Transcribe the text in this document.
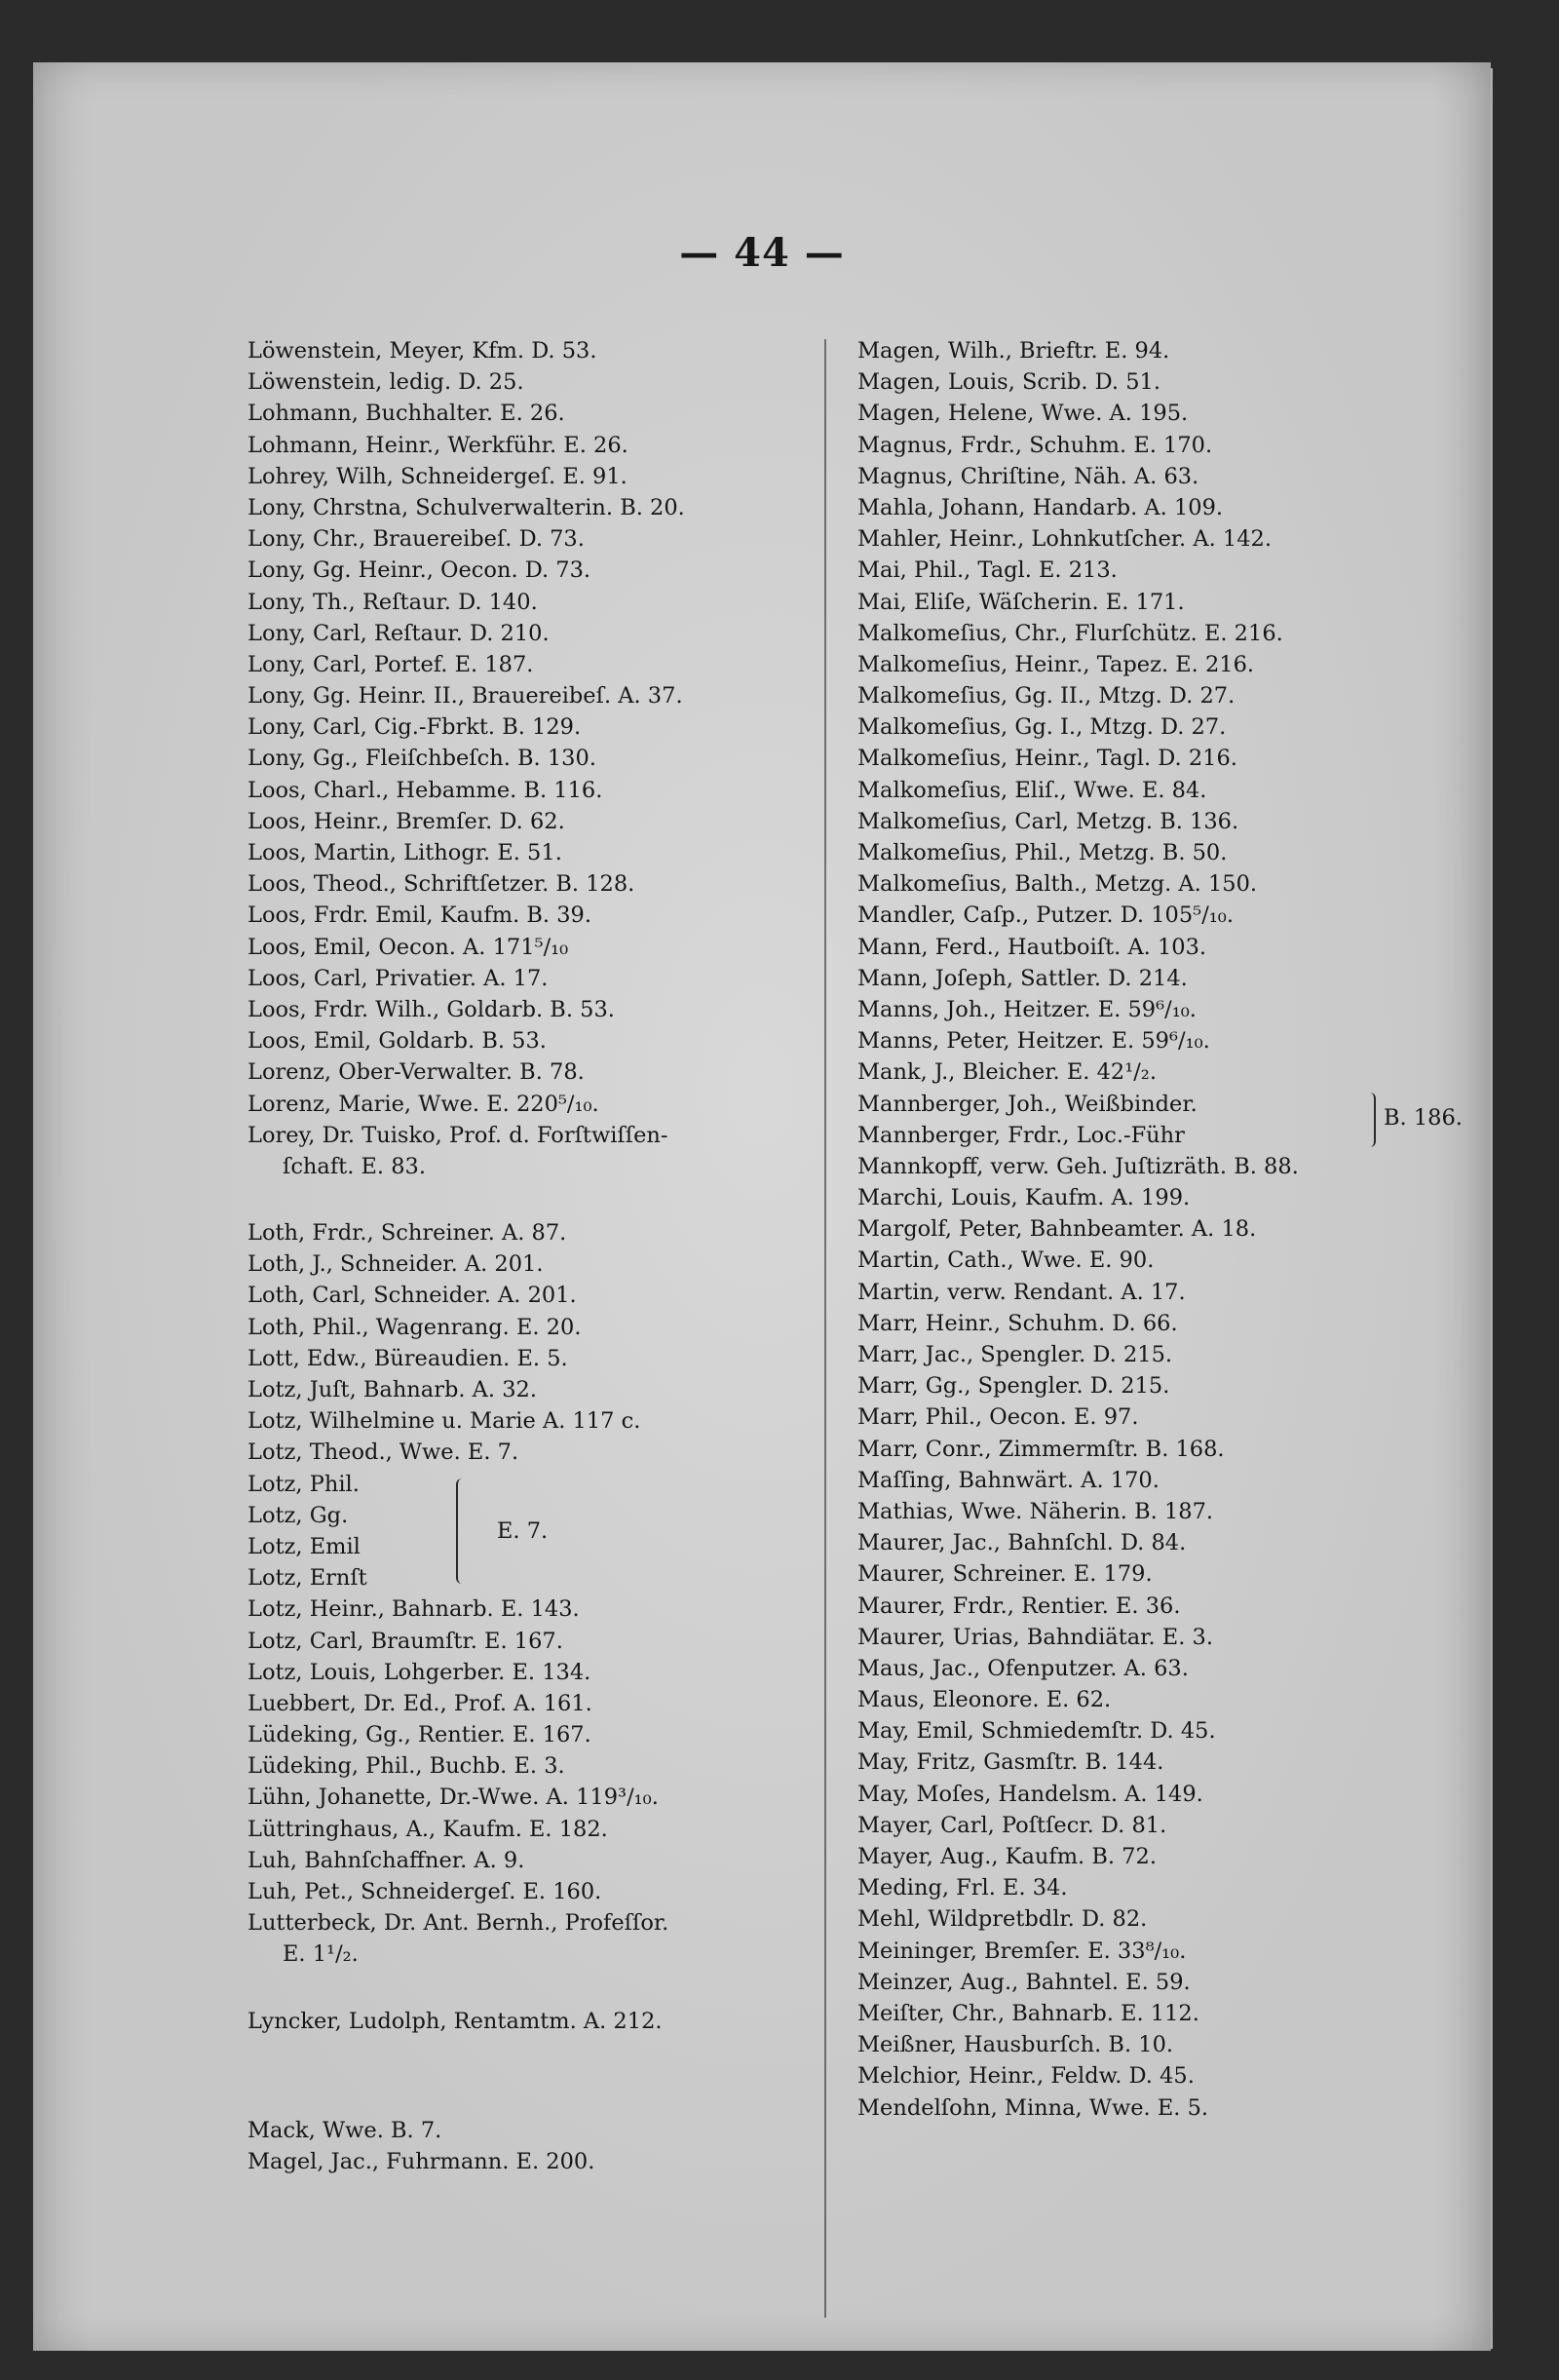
— 44 —
Löwenstein, Meyer, Kfm. D. 53.
Löwenstein, ledig. D. 25.
Lohmann, Buchhalter. E. 26.
Lohmann, Heinr., Werkführ. E. 26.
Lohrey, Wilh, Schneidergeſ. E. 91.
Lony, Chrstna, Schulverwalterin. B. 20.
Lony, Chr., Brauereibeſ. D. 73.
Lony, Gg. Heinr., Oecon. D. 73.
Lony, Th., Reſtaur. D. 140.
Lony, Carl, Reſtaur. D. 210.
Lony, Carl, Portef. E. 187.
Lony, Gg. Heinr. II., Brauereibeſ. A. 37.
Lony, Carl, Cig.-Fbrkt. B. 129.
Lony, Gg., Fleiſchbeſch. B. 130.
Loos, Charl., Hebamme. B. 116.
Loos, Heinr., Bremſer. D. 62.
Loos, Martin, Lithogr. E. 51.
Loos, Theod., Schriftſetzer. B. 128.
Loos, Frdr. Emil, Kaufm. B. 39.
Loos, Emil, Oecon. A. 171⁵/₁₀
Loos, Carl, Privatier. A. 17.
Loos, Frdr. Wilh., Goldarb. B. 53.
Loos, Emil, Goldarb. B. 53.
Lorenz, Ober-Verwalter. B. 78.
Lorenz, Marie, Wwe. E. 220⁵/₁₀.
Lorey, Dr. Tuisko, Prof. d. Forſtwiſſen-
ſchaft. E. 83.
Loth, Frdr., Schreiner. A. 87.
Loth, J., Schneider. A. 201.
Loth, Carl, Schneider. A. 201.
Loth, Phil., Wagenrang. E. 20.
Lott, Edw., Büreaudien. E. 5.
Lotz, Juſt, Bahnarb. A. 32.
Lotz, Wilhelmine u. Marie A. 117 c.
Lotz, Theod., Wwe. E. 7.
Lotz, Phil.
Lotz, Gg.
Lotz, Emil
Lotz, Ernſt
E. 7.
Lotz, Heinr., Bahnarb. E. 143.
Lotz, Carl, Braumſtr. E. 167.
Lotz, Louis, Lohgerber. E. 134.
Luebbert, Dr. Ed., Prof. A. 161.
Lüdeking, Gg., Rentier. E. 167.
Lüdeking, Phil., Buchb. E. 3.
Lühn, Johanette, Dr.-Wwe. A. 119³/₁₀.
Lüttringhaus, A., Kaufm. E. 182.
Luh, Bahnſchaffner. A. 9.
Luh, Pet., Schneidergeſ. E. 160.
Lutterbeck, Dr. Ant. Bernh., Profeſſor.
E. 1¹/₂.
Lyncker, Ludolph, Rentamtm. A. 212.
Mack, Wwe. B. 7.
Magel, Jac., Fuhrmann. E. 200.
Magen, Wilh., Brieftr. E. 94.
Magen, Louis, Scrib. D. 51.
Magen, Helene, Wwe. A. 195.
Magnus, Frdr., Schuhm. E. 170.
Magnus, Chriſtine, Näh. A. 63.
Mahla, Johann, Handarb. A. 109.
Mahler, Heinr., Lohnkutſcher. A. 142.
Mai, Phil., Tagl. E. 213.
Mai, Eliſe, Wäſcherin. E. 171.
Malkomeſius, Chr., Flurſchütz. E. 216.
Malkomeſius, Heinr., Tapez. E. 216.
Malkomeſius, Gg. II., Mtzg. D. 27.
Malkomeſius, Gg. I., Mtzg. D. 27.
Malkomeſius, Heinr., Tagl. D. 216.
Malkomeſius, Eliſ., Wwe. E. 84.
Malkomeſius, Carl, Metzg. B. 136.
Malkomeſius, Phil., Metzg. B. 50.
Malkomeſius, Balth., Metzg. A. 150.
Mandler, Caſp., Putzer. D. 105⁵/₁₀.
Mann, Ferd., Hautboiſt. A. 103.
Mann, Joſeph, Sattler. D. 214.
Manns, Joh., Heitzer. E. 59⁶/₁₀.
Manns, Peter, Heitzer. E. 59⁶/₁₀.
Mank, J., Bleicher. E. 42¹/₂.
Mannberger, Joh., Weißbinder.
Mannberger, Frdr., Loc.-Führ
B. 186.
Mannkopff, verw. Geh. Juſtizräth. B. 88.
Marchi, Louis, Kaufm. A. 199.
Margolf, Peter, Bahnbeamter. A. 18.
Martin, Cath., Wwe. E. 90.
Martin, verw. Rendant. A. 17.
Marr, Heinr., Schuhm. D. 66.
Marr, Jac., Spengler. D. 215.
Marr, Gg., Spengler. D. 215.
Marr, Phil., Oecon. E. 97.
Marr, Conr., Zimmermſtr. B. 168.
Maſſing, Bahnwärt. A. 170.
Mathias, Wwe. Näherin. B. 187.
Maurer, Jac., Bahnſchl. D. 84.
Maurer, Schreiner. E. 179.
Maurer, Frdr., Rentier. E. 36.
Maurer, Urias, Bahndiätar. E. 3.
Maus, Jac., Ofenputzer. A. 63.
Maus, Eleonore. E. 62.
May, Emil, Schmiedemſtr. D. 45.
May, Fritz, Gasmſtr. B. 144.
May, Moſes, Handelsm. A. 149.
Mayer, Carl, Poſtſecr. D. 81.
Mayer, Aug., Kaufm. B. 72.
Meding, Frl. E. 34.
Mehl, Wildpretbdlr. D. 82.
Meininger, Bremſer. E. 33⁸/₁₀.
Meinzer, Aug., Bahntel. E. 59.
Meiſter, Chr., Bahnarb. E. 112.
Meißner, Hausburſch. B. 10.
Melchior, Heinr., Feldw. D. 45.
Mendelſohn, Minna, Wwe. E. 5.
